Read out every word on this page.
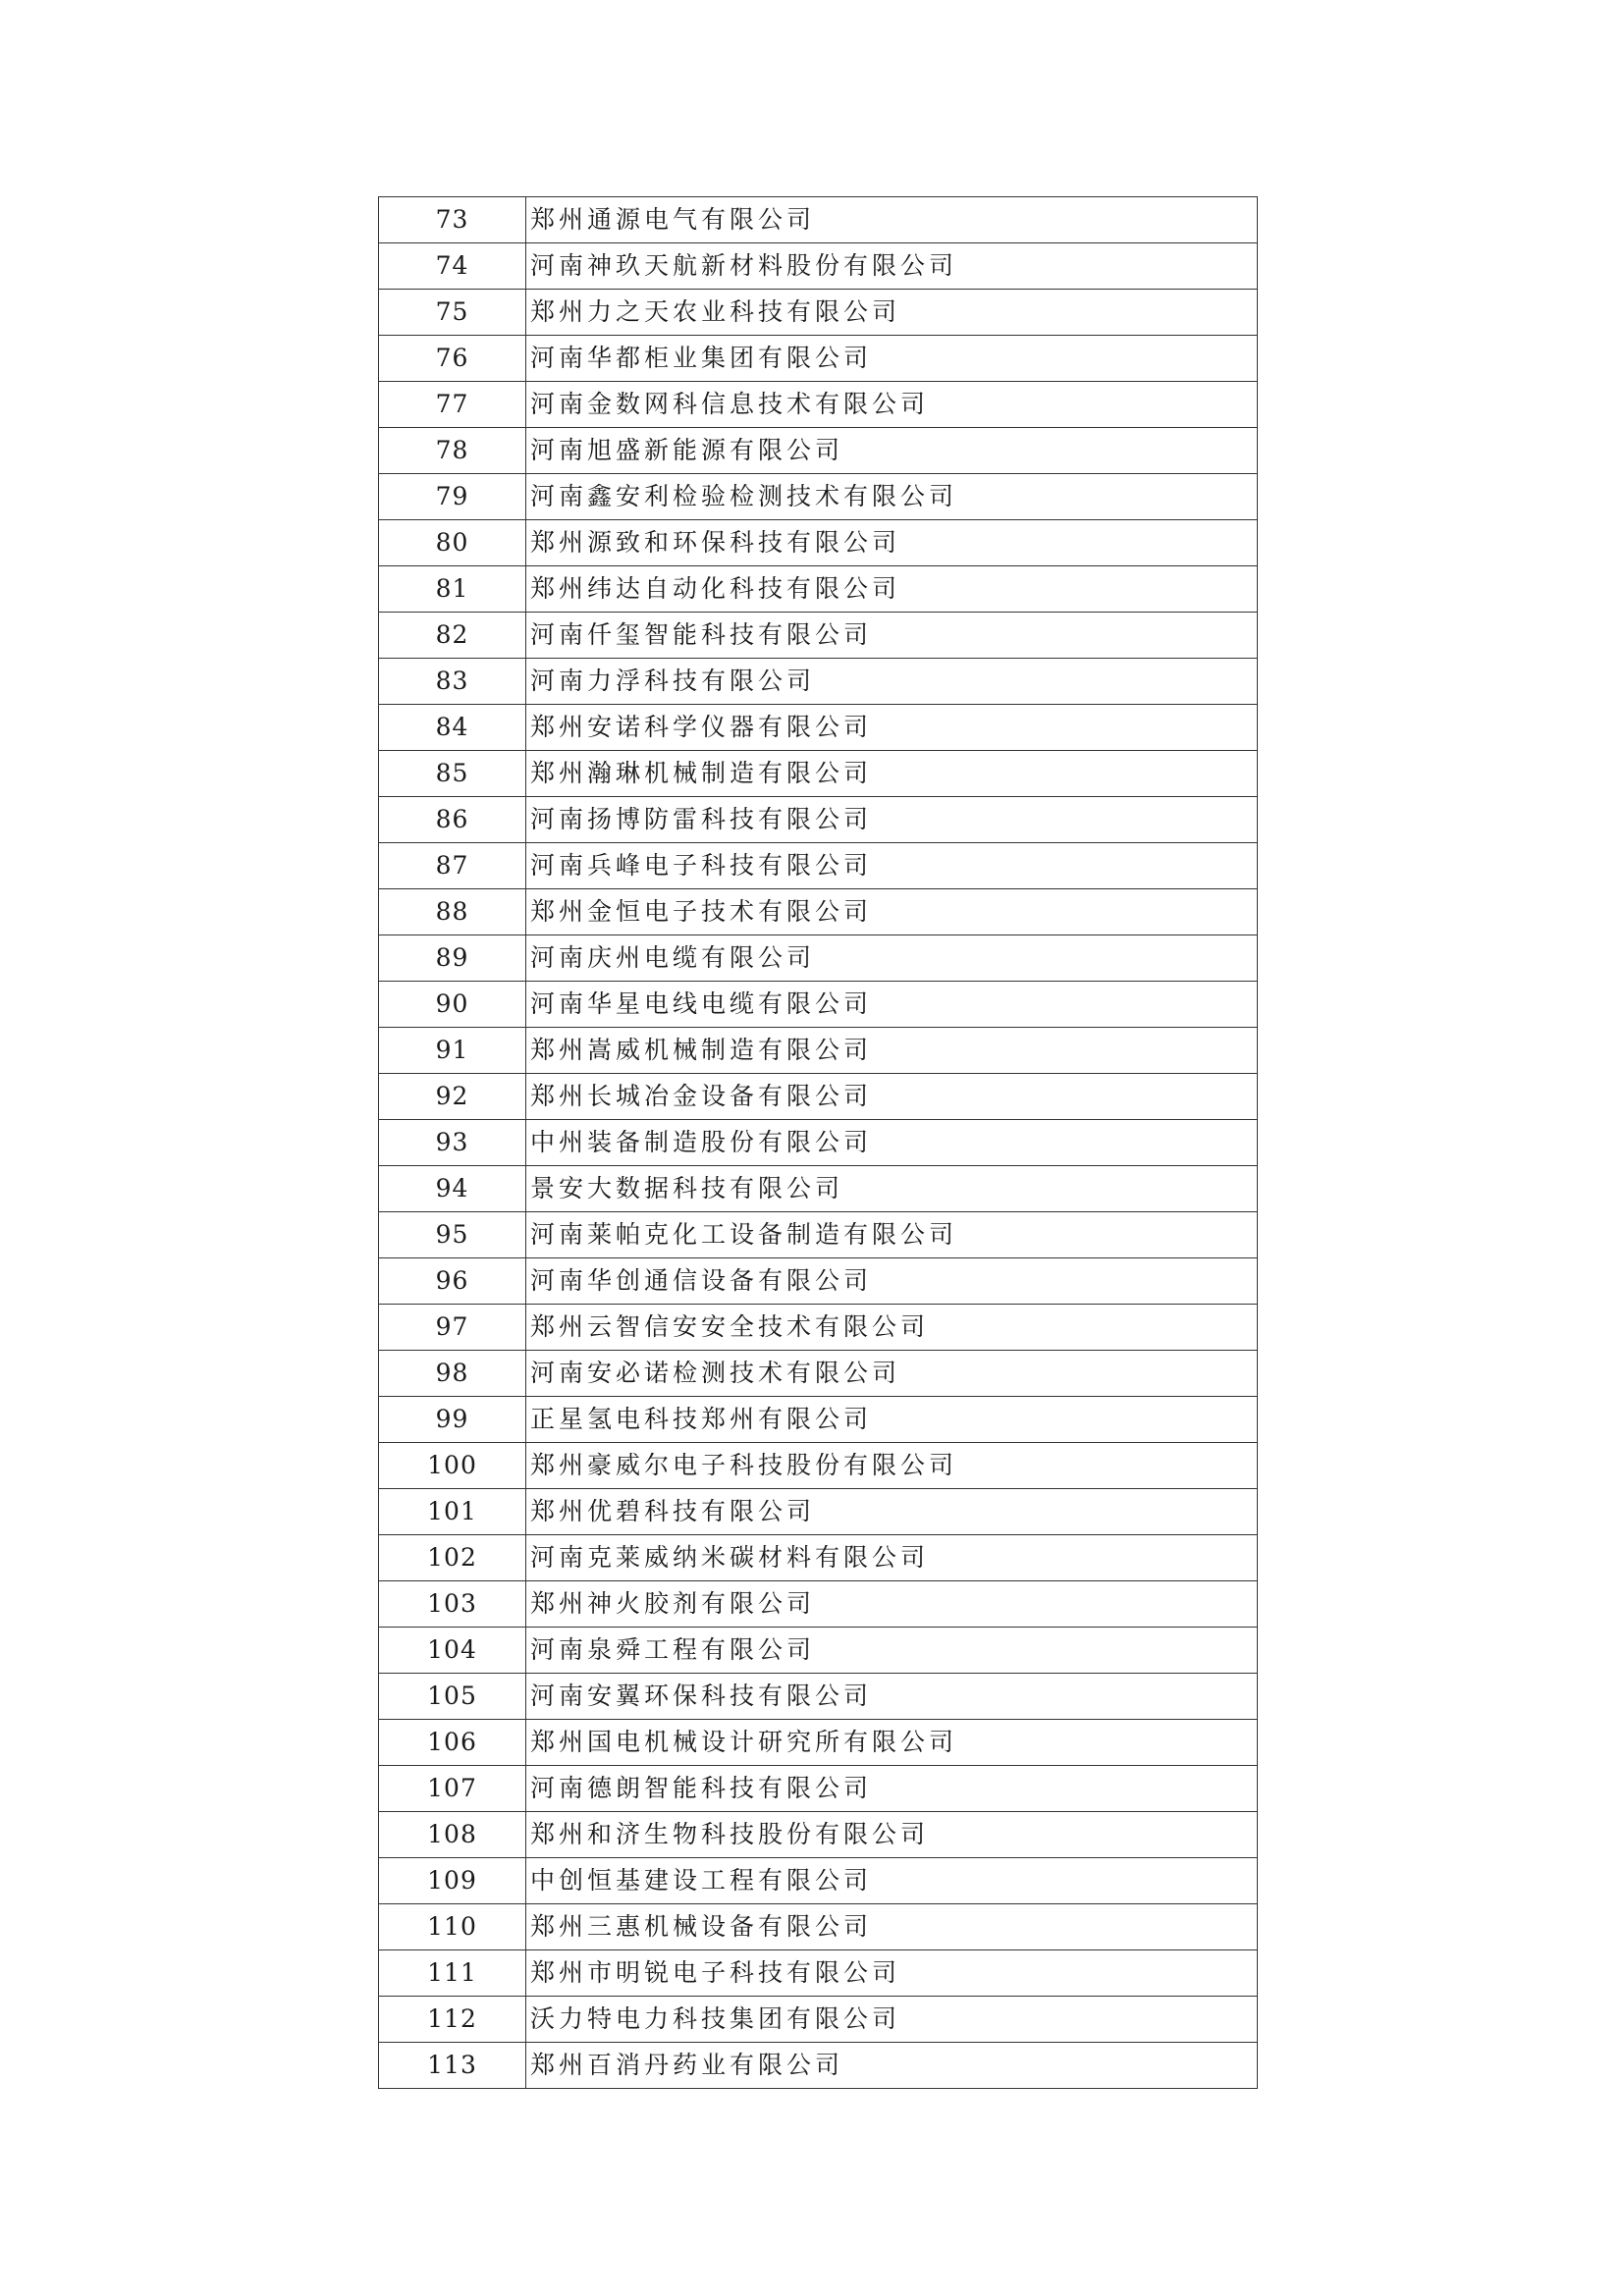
73	郑州通源电气有限公司
74	河南神玖天航新材料股份有限公司
75	郑州力之天农业科技有限公司
76	河南华都柜业集团有限公司
77	河南金数网科信息技术有限公司
78	河南旭盛新能源有限公司
79	河南鑫安利检验检测技术有限公司
80	郑州源致和环保科技有限公司
81	郑州纬达自动化科技有限公司
82	河南仟玺智能科技有限公司
83	河南力浮科技有限公司
84	郑州安诺科学仪器有限公司
85	郑州瀚琳机械制造有限公司
86	河南扬博防雷科技有限公司
87	河南兵峰电子科技有限公司
88	郑州金恒电子技术有限公司
89	河南庆州电缆有限公司
90	河南华星电线电缆有限公司
91	郑州嵩威机械制造有限公司
92	郑州长城冶金设备有限公司
93	中州装备制造股份有限公司
94	景安大数据科技有限公司
95	河南莱帕克化工设备制造有限公司
96	河南华创通信设备有限公司
97	郑州云智信安安全技术有限公司
98	河南安必诺检测技术有限公司
99	正星氢电科技郑州有限公司
100	郑州豪威尔电子科技股份有限公司
101	郑州优碧科技有限公司
102	河南克莱威纳米碳材料有限公司
103	郑州神火胶剂有限公司
104	河南泉舜工程有限公司
105	河南安翼环保科技有限公司
106	郑州国电机械设计研究所有限公司
107	河南德朗智能科技有限公司
108	郑州和济生物科技股份有限公司
109	中创恒基建设工程有限公司
110	郑州三惠机械设备有限公司
111	郑州市明锐电子科技有限公司
112	沃力特电力科技集团有限公司
113	郑州百消丹药业有限公司
